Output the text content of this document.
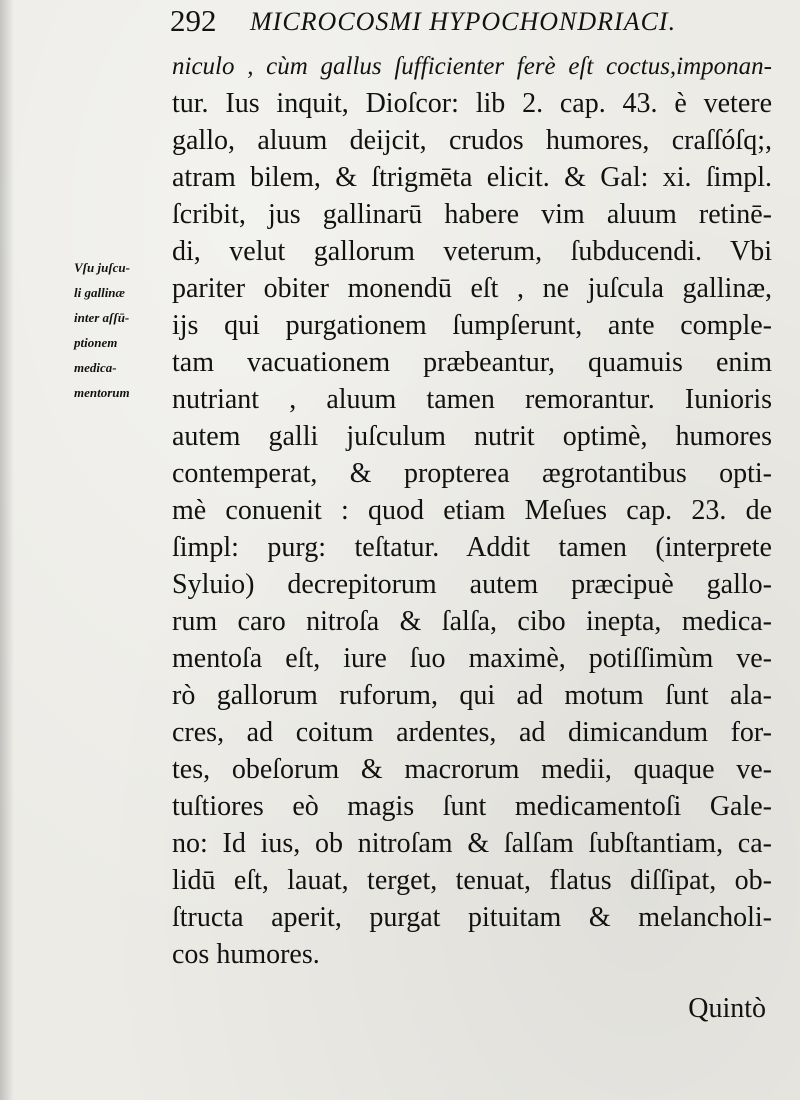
292 MICROCOSMI HYPOCHONDRIACI.
Vſu juſcu-
li gallinæ
inter aſſū-
ptionem
medica-
mentorum
niculo , cùm gallus ſufficienter ferè eſt coctus,imponan-
tur. Ius inquit, Dioſcor: lib 2. cap. 43. è vetere
gallo, aluum deijcit, crudos humores, craſſóſq;,
atram bilem, & ſtrigmēta elicit. & Gal: xi. ſimpl.
ſcribit, jus gallinarū habere vim aluum retinē-
di, velut gallorum veterum, ſubducendi. Vbi
pariter obiter monendū eſt , ne juſcula gallinæ,
ijs qui purgationem ſumpſerunt, ante comple-
tam vacuationem præbeantur, quamuis enim
nutriant , aluum tamen remorantur. Iunioris
autem galli juſculum nutrit optimè, humores
contemperat, & propterea ægrotantibus opti-
mè conuenit : quod etiam Meſues cap. 23. de
ſimpl: purg: teſtatur. Addit tamen (interprete
Syluio) decrepitorum autem præcipuè gallo-
rum caro nitroſa & ſalſa, cibo inepta, medica-
mentoſa eſt, iure ſuo maximè, potiſſimùm ve-
rò gallorum ruforum, qui ad motum ſunt ala-
cres, ad coitum ardentes, ad dimicandum for-
tes, obeſorum & macrorum medii, quaque ve-
tuſtiores eò magis ſunt medicamentoſi Gale-
no: Id ius, ob nitroſam & ſalſam ſubſtantiam, ca-
lidū eſt, lauat, terget, tenuat, flatus diſſipat, ob-
ſtructa aperit, purgat pituitam & melancholi-
cos humores.
Quintò
